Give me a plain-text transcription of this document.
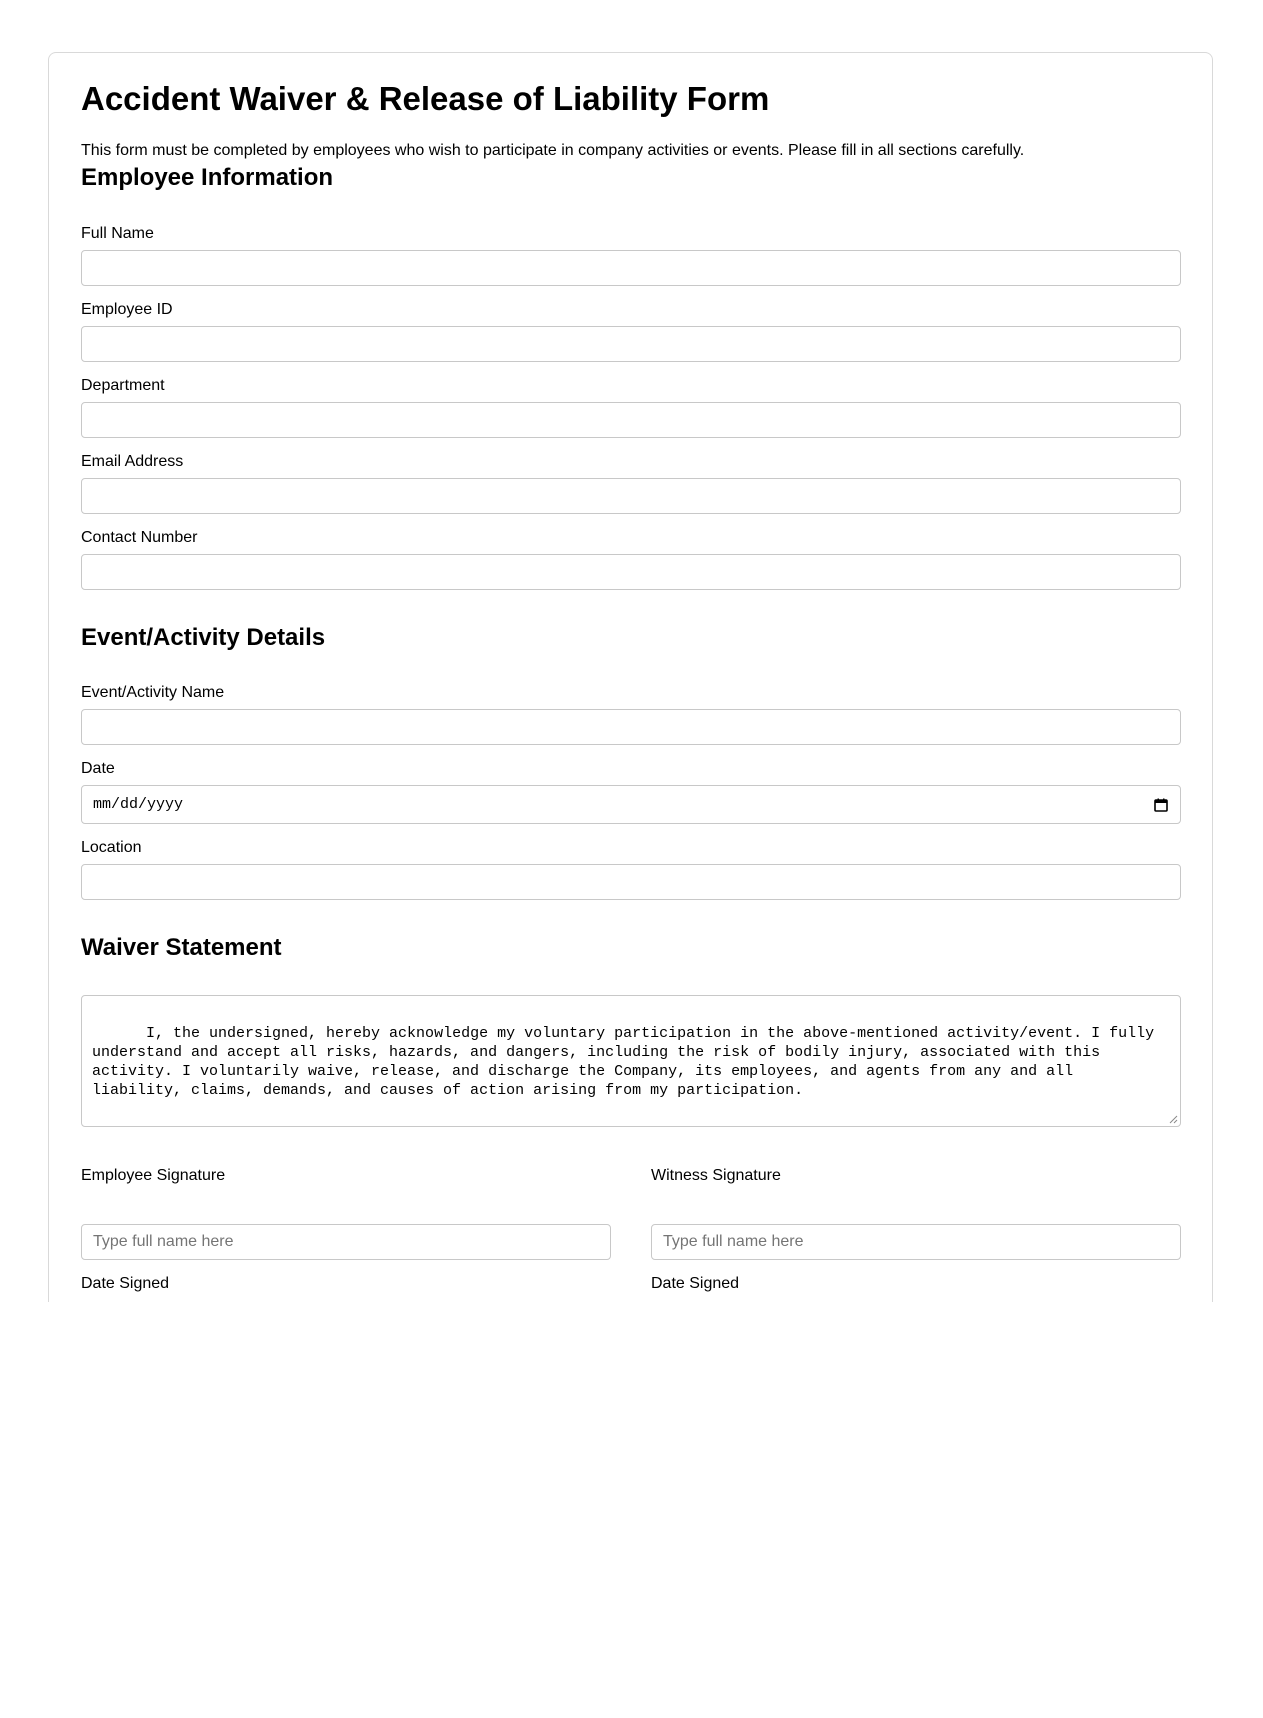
Accident Waiver & Release of Liability Form

This form must be completed by employees who wish to participate in company activities or events. Please fill in all sections carefully.

Employee Information
Full Name
Employee ID
Department
Email Address
Contact Number
Event/Activity Details
Event/Activity Name
Date
mm/dd/yyyy
Location
Waiver Statement

I, the undersigned, hereby acknowledge my voluntary participation in the above-mentioned activity/event. I fully understand and accept all risks, hazards, and dangers, including the risk of bodily injury, associated with this activity. I voluntarily waive, release, and discharge the Company, its employees, and agents from any and all liability, claims, demands, and causes of action arising from my participation.

Employee Signature	Witness Signature
Type full name here	Type full name here
Date Signed	Date Signed
